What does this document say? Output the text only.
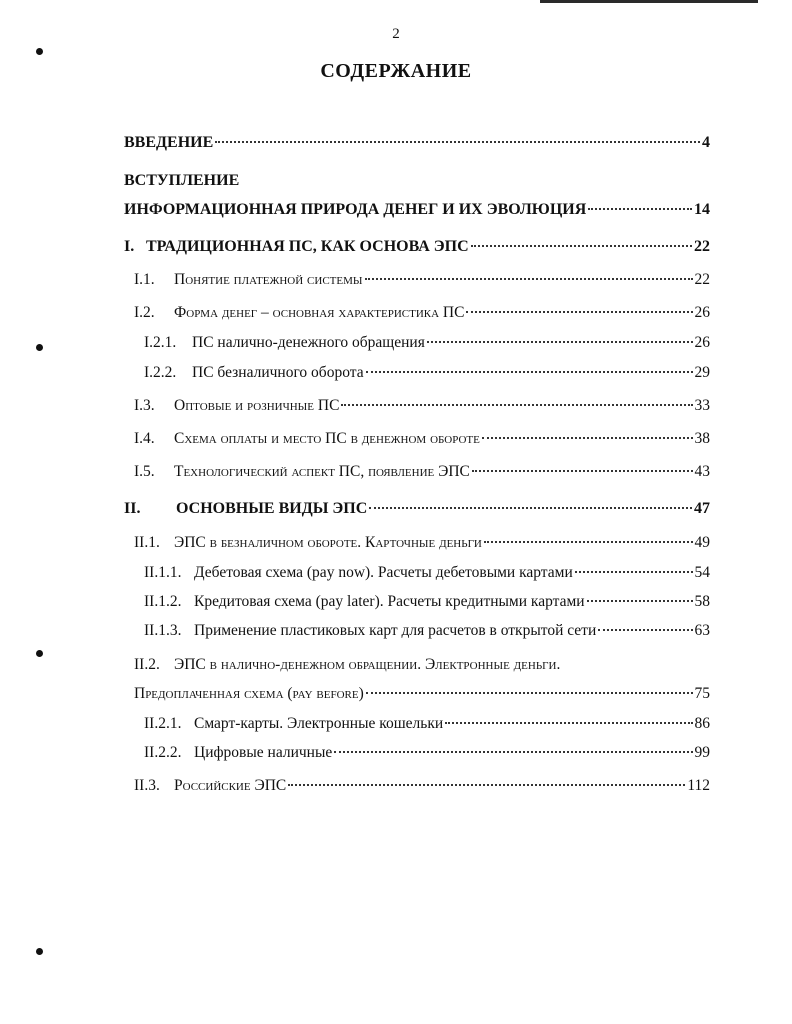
2
СОДЕРЖАНИЕ
ВВЕДЕНИЕ	4
ВСТУПЛЕНИЕ
ИНФОРМАЦИОННАЯ ПРИРОДА ДЕНЕГ И ИХ ЭВОЛЮЦИЯ	14
I. ТРАДИЦИОННАЯ ПС, КАК ОСНОВА ЭПС	22
I.1.	Понятие платежной системы	22
I.2.	Форма денег – основная характеристика ПС	26
I.2.1.	ПС налично-денежного обращения	26
I.2.2.	ПС безналичного оборота	29
I.3.	Оптовые и розничные ПС	33
I.4.	Схема оплаты и место ПС в денежном обороте	38
I.5.	Технологический аспект ПС, появление ЭПС	43
II.	ОСНОВНЫЕ ВИДЫ ЭПС	47
II.1. ЭПС в безналичном обороте. Карточные деньги	49
II.1.1. Дебетовая схема (pay now). Расчеты дебетовыми картами	54
II.1.2. Кредитовая схема (pay later). Расчеты кредитными картами	58
II.1.3. Применение пластиковых карт для расчетов в открытой сети	63
II.2. ЭПС в налично-денежном обращении. Электронные деньги.
Предоплаченная схема (pay before)	75
II.2.1. Смарт-карты. Электронные кошельки	86
II.2.2. Цифровые наличные	99
II.3. Российские ЭПС	112
